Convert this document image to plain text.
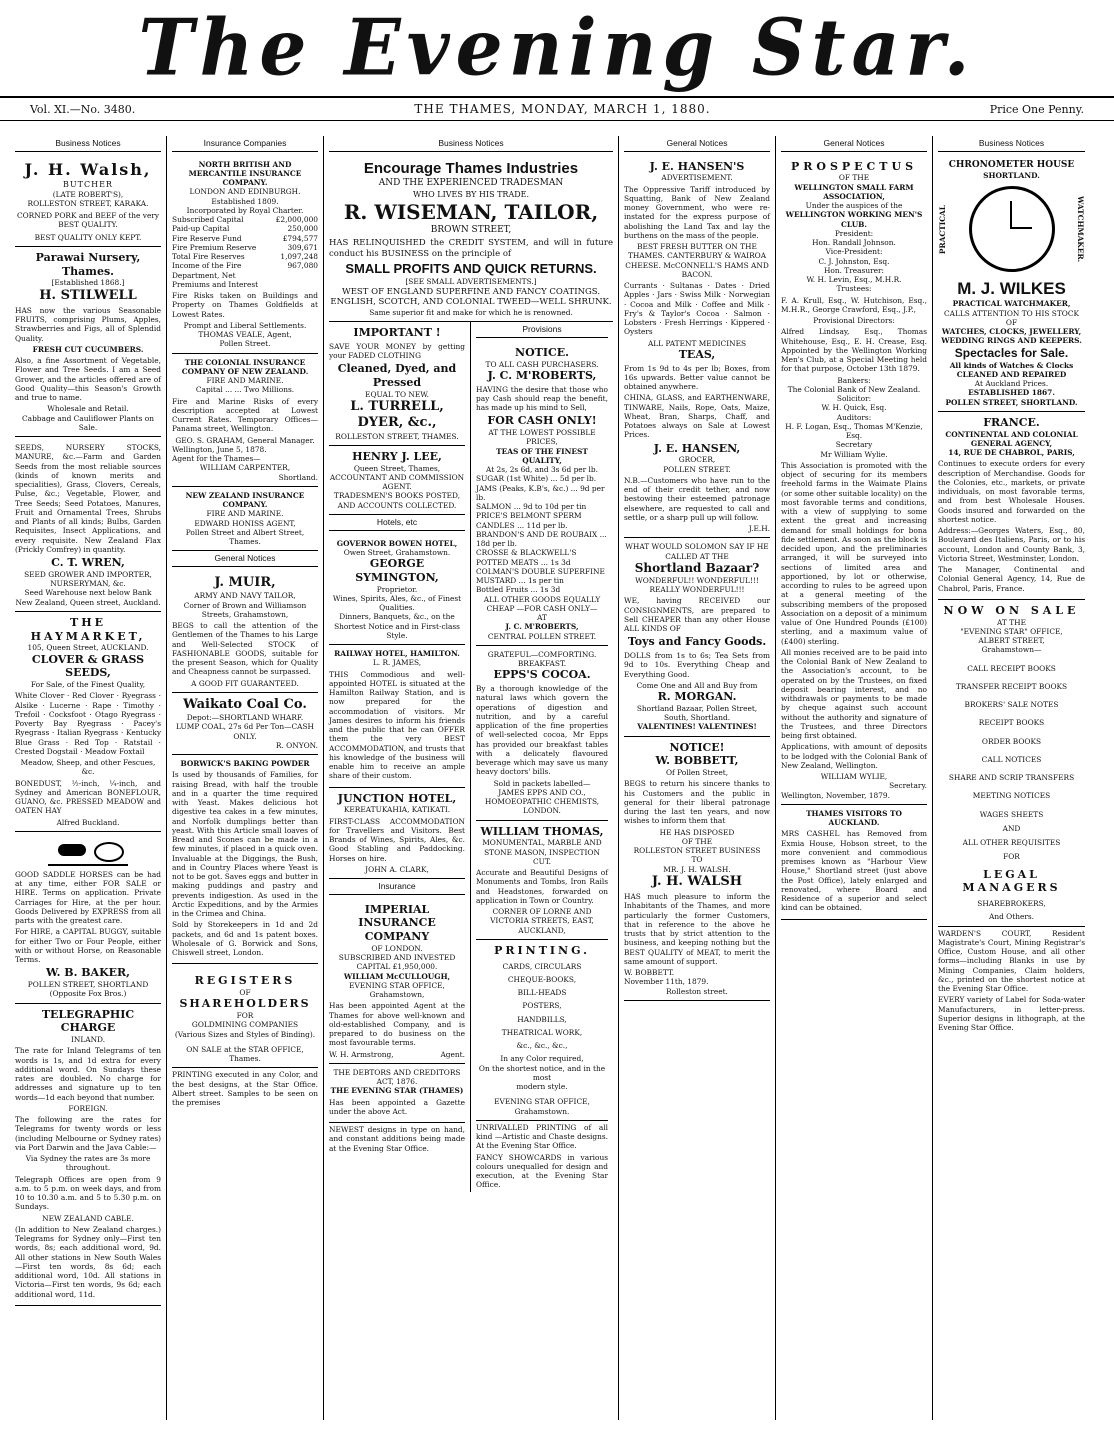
The Evening Star.
Vol. XI.—No. 3480.	THE THAMES, MONDAY, MARCH 1, 1880.	Price One Penny.
Business Notices
J. H. Walsh,
BUTCHER
(LATE ROBERT'S),
ROLLESTON STREET, KARAKA.
CORNED PORK and BEEF of the very BEST QUALITY.
BEST QUALITY ONLY KEPT.
Parawai Nursery, Thames.
[Established 1868.]
H. STILWELL
HAS now the various Seasonable FRUITS, comprising Plums, Apples, Strawberries and Figs, all of Splendid Quality.
FRESH CUT CUCUMBERS.
Also, a fine Assortment of Vegetable, Flower and Tree Seeds. I am a Seed Grower, and the articles offered are of Good Quality—this Season's Growth and true to name.
Wholesale and Retail.
Cabbage and Cauliflower Plants on Sale.
SEEDS, NURSERY STOCKS, MANURE, &c.—Farm and Garden Seeds from the most reliable sources (kinds of known merits and specialities), Grass, Clovers, Cereals, Pulse, &c.; Vegetable, Flower, and Tree Seeds; Seed Potatoes, Manures, Fruit and Ornamental Trees, Shrubs and Plants of all kinds; Bulbs, Garden Requisites, Insect Applications, and every requisite. New Zealand Flax (Prickly Comfrey) in quantity.
C. T. WREN,
SEED GROWER AND IMPORTER, NURSERYMAN, &c.
Seed Warehouse next below Bank New Zealand, Queen street, Auckland.
THE HAYMARKET,
105, Queen Street, AUCKLAND.
CLOVER & GRASS SEEDS,
For Sale, of the Finest Quality,
White Clover · Red Clover · Ryegrass · Alsike · Lucerne · Rape · Timothy · Trefoil · Cocksfoot · Otago Ryegrass · Poverty Bay Ryegrass · Pacey's Ryegrass · Italian Ryegrass · Kentucky Blue Grass · Red Top · Ratstail · Crested Dogstail · Meadow Foxtail
Meadow, Sheep, and other Fescues, &c.
BONEDUST, ½-inch, ¼-inch, and Sydney and American BONEFLOUR, GUANO, &c. PRESSED MEADOW and OATEN HAY
Alfred Buckland.
GOOD SADDLE HORSES can be had at any time, either FOR SALE or HIRE. Terms on application. Private Carriages for Hire, at the per hour. Goods Delivered by EXPRESS from all parts with the greatest care.
For HIRE, a CAPITAL BUGGY, suitable for either Two or Four People, either with or without Horse, on Reasonable Terms.
W. B. BAKER,
POLLEN STREET, SHORTLAND (Opposite Fox Bros.)
TELEGRAPHIC CHARGE
INLAND.
The rate for Inland Telegrams of ten words is 1s, and 1d extra for every additional word. On Sundays these rates are doubled. No charge for addresses and signature up to ten words—1d each beyond that number.
FOREIGN.
The following are the rates for Telegrams for twenty words or less (including Melbourne or Sydney rates) via Port Darwin and the Java Cable:—
Via Sydney the rates are 3s more throughout.
Telegraph Offices are open from 9 a.m. to 5 p.m. on week days, and from 10 to 10.30 a.m. and 5 to 5.30 p.m. on Sundays.
NEW ZEALAND CABLE.
(In addition to New Zealand charges.) Telegrams for Sydney only—First ten words, 8s; each additional word, 9d. All other stations in New South Wales—First ten words, 8s 6d; each additional word, 10d. All stations in Victoria—First ten words, 9s 6d; each additional word, 11d.
Insurance Companies
NORTH BRITISH AND MERCANTILE INSURANCE COMPANY.
LONDON AND EDINBURGH.
Established 1809.
Incorporated by Royal Charter.
Subscribed Capital	£2,000,000
Paid-up Capital	250,000
Fire Reserve Fund	£794,577
Fire Premium Reserve	309,671
Total Fire Reserves	1,097,248
Income of the Fire Department, Net Premiums and Interest
967,080
Fire Risks taken on Buildings and Property on Thames Goldfields at Lowest Rates.
Prompt and Liberal Settlements.
THOMAS VEALE, Agent,
Pollen Street.
THE COLONIAL INSURANCE COMPANY OF NEW ZEALAND.
FIRE AND MARINE.
Capital ... ... Two Millions.
Fire and Marine Risks of every description accepted at Lowest Current Rates. Temporary Offices—Panama street, Wellington.
GEO. S. GRAHAM, General Manager.
Wellington, June 5, 1878.
Agent for the Thames—
WILLIAM CARPENTER,
Shortland.
NEW ZEALAND INSURANCE COMPANY.
FIRE AND MARINE.
EDWARD HONISS AGENT,
Pollen Street and Albert Street, Thames.
General Notices
J. MUIR,
ARMY AND NAVY TAILOR,
Corner of Brown and Williamson Streets, Grahamstown,
BEGS to call the attention of the Gentlemen of the Thames to his Large and Well-Selected STOCK of FASHIONABLE GOODS, suitable for the present Season, which for Quality and Cheapness cannot be surpassed.
A GOOD FIT GUARANTEED.
Waikato Coal Co.
Depot:—SHORTLAND WHARF.
LUMP COAL, 27s 6d Per Ton—CASH ONLY.
R. ONYON.
BORWICK'S BAKING POWDER
Is used by thousands of Families, for raising Bread, with half the trouble and in a quarter the time required with Yeast. Makes delicious hot digestive tea cakes in a few minutes, and Norfolk dumplings better than yeast. With this Article small loaves of Bread and Scones can be made in a few minutes, if placed in a quick oven. Invaluable at the Diggings, the Bush, and in Country Places where Yeast is not to be got. Saves eggs and butter in making puddings and pastry and prevents indigestion. As used in the Arctic Expeditions, and by the Armies in the Crimea and China.
Sold by Storekeepers in 1d and 2d packets, and 6d and 1s patent boxes. Wholesale of G. Borwick and Sons, Chiswell street, London.
REGISTERS
OF
SHAREHOLDERS
FOR
GOLDMINING COMPANIES
(Various Sizes and Styles of Binding).
ON SALE at the STAR OFFICE, Thames.
PRINTING executed in any Color, and the best designs, at the Star Office. Albert street. Samples to be seen on the premises
Business Notices
Encourage Thames Industries
AND THE EXPERIENCED TRADESMAN
WHO LIVES BY HIS TRADE.
R. WISEMAN, TAILOR,
BROWN STREET,
HAS RELINQUISHED the CREDIT SYSTEM, and will in future conduct his BUSINESS on the principle of
SMALL PROFITS AND QUICK RETURNS.
[SEE SMALL ADVERTISEMENTS.]
WEST OF ENGLAND SUPERFINE AND FANCY COATINGS.
ENGLISH, SCOTCH, AND COLONIAL TWEED—WELL SHRUNK.
Same superior fit and make for which he is renowned.
IMPORTANT !
SAVE YOUR MONEY by getting your FADED CLOTHING
Cleaned, Dyed, and Pressed
EQUAL TO NEW.
L. TURRELL,
DYER, &c.,
ROLLESTON STREET, THAMES.
HENRY J. LEE,
Queen Street, Thames,
ACCOUNTANT AND COMMISSION AGENT.
TRADESMEN'S BOOKS POSTED, AND ACCOUNTS COLLECTED.
Hotels, etc
GOVERNOR BOWEN HOTEL,
Owen Street, Grahamstown.
GEORGE SYMINGTON,
Proprietor.
Wines, Spirits, Ales, &c., of Finest Qualities.
Dinners, Banquets, &c., on the Shortest Notice and in First-class Style.
RAILWAY HOTEL, HAMILTON.
L. R. JAMES,
THIS Commodious and well-appointed HOTEL is situated at the Hamilton Railway Station, and is now prepared for the accommodation of visitors. Mr James desires to inform his friends and the public that he can OFFER them the very BEST ACCOMMODATION, and trusts that his knowledge of the business will enable him to receive an ample share of their custom.
JUNCTION HOTEL,
KEREATUKAHIA, KATIKATI.
FIRST-CLASS ACCOMMODATION for Travellers and Visitors. Best Brands of Wines, Spirits, Ales, &c. Good Stabling and Paddocking. Horses on hire.
JOHN A. CLARK,
Insurance
IMPERIAL
INSURANCE COMPANY
OF LONDON.
SUBSCRIBED AND INVESTED
CAPITAL £1,950,000.
WILLIAM McCULLOUGH,
EVENING STAR OFFICE,
Grahamstown,
Has been appointed Agent at the Thames for above well-known and old-established Company, and is prepared to do business on the most favourable terms.
W. H. Armstrong,	Agent.
THE DEBTORS AND CREDITORS
ACT, 1876.
THE EVENING STAR (THAMES)
Has been appointed a Gazette under the above Act.
NEWEST designs in type on hand, and constant additions being made at the Evening Star Office.
Provisions
NOTICE.
TO ALL CASH PURCHASERS.
J. C. M'ROBERTS,
HAVING the desire that those who pay Cash should reap the benefit, has made up his mind to Sell,
FOR CASH ONLY!
AT THE LOWEST POSSIBLE PRICES,
TEAS OF THE FINEST QUALITY,
At 2s, 2s 6d, and 3s 6d per lb.
SUGAR (1st White) ... 5d per lb.
JAMS (Peaks, K.B's, &c.) ... 9d per lb.
SALMON ... 9d to 10d per tin
PRICE'S BELMONT SPERM CANDLES ... 11d per lb.
BRANDON'S AND DE ROUBAIX ... 18d per lb.
CROSSE & BLACKWELL'S POTTED MEATS ... 1s 3d
COLMAN'S DOUBLE SUPERFINE MUSTARD ... 1s per tin
Bottled Fruits ... 1s 3d
ALL OTHER GOODS EQUALLY CHEAP —FOR CASH ONLY—
AT
J. C. M'ROBERTS,
CENTRAL POLLEN STREET.
GRATEFUL—COMFORTING.
BREAKFAST.
EPPS'S COCOA.
By a thorough knowledge of the natural laws which govern the operations of digestion and nutrition, and by a careful application of the fine properties of well-selected cocoa, Mr Epps has provided our breakfast tables with a delicately flavoured beverage which may save us many heavy doctors' bills.
Sold in packets labelled—
JAMES EPPS AND CO., HOMOEOPATHIC CHEMISTS,
LONDON.
WILLIAM THOMAS,
MONUMENTAL, MARBLE AND STONE MASON, INSPECTION CUT.
Accurate and Beautiful Designs of Monuments and Tombs, Iron Rails and Headstones, forwarded on application in Town or Country.
CORNER OF LORNE AND VICTORIA STREETS, EAST, AUCKLAND,
PRINTING.
CARDS, CIRCULARS
CHEQUE-BOOKS,
BILL-HEADS
POSTERS,
HANDBILLS,
THEATRICAL WORK,
&c., &c., &c.,
In any Color required,
On the shortest notice, and in the most
modern style.
EVENING STAR OFFICE,
Grahamstown.
UNRIVALLED PRINTING of all kind —Artistic and Chaste designs. At the Evening Star Office.
FANCY SHOWCARDS in various colours unequalled for design and execution, at the Evening Star Office.
General Notices
J. E. HANSEN'S
ADVERTISEMENT.
The Oppressive Tariff introduced by Squatting, Bank of New Zealand money Government, who were re-instated for the express purpose of abolishing the Land Tax and lay the burthens on the mass of the people.
BEST FRESH BUTTER ON THE THAMES. CANTERBURY & WAIROA CHEESE. McCONNELL'S HAMS AND BACON.
Currants · Sultanas · Dates · Dried Apples · Jars · Swiss Milk · Norwegian · Cocoa and Milk · Coffee and Milk · Fry's & Taylor's Cocoa · Salmon · Lobsters · Fresh Herrings · Kippered · Oysters
ALL PATENT MEDICINES
TEAS,
From 1s 9d to 4s per lb; Boxes, from 16s upwards. Better value cannot be obtained anywhere.
CHINA, GLASS, and EARTHENWARE, TINWARE, Nails, Rope, Oats, Maize, Wheat, Bran, Sharps, Chaff, and Potatoes always on Sale at Lowest Prices.
J. E. HANSEN,
GROCER,
POLLEN STREET.
N.B.—Customers who have run to the end of their credit tether, and now bestowing their esteemed patronage elsewhere, are requested to call and settle, or a sharp pull up will follow.
J.E.H.
WHAT WOULD SOLOMON SAY IF HE CALLED AT THE
Shortland Bazaar?
WONDERFUL!! WONDERFUL!!! REALLY WONDERFUL!!!
WE, having RECEIVED our CONSIGNMENTS, are prepared to Sell CHEAPER than any other House ALL KINDS OF
Toys and Fancy Goods.
DOLLS from 1s to 6s; Tea Sets from 9d to 10s. Everything Cheap and Everything Good.
Come One and All and Buy from
R. MORGAN.
Shortland Bazaar, Pollen Street, South, Shortland.
VALENTINES! VALENTINES!
NOTICE!
W. BOBBETT,
Of Pollen Street,
BEGS to return his sincere thanks to his Customers and the public in general for their liberal patronage during the last ten years, and now wishes to inform them that
HE HAS DISPOSED
OF THE
ROLLESTON STREET BUSINESS
TO
MR. J. H. WALSH.
J. H. WALSH
HAS much pleasure to inform the Inhabitants of the Thames, and more particularly the former Customers, that in reference to the above he trusts that by strict attention to the business, and keeping nothing but the BEST QUALITY of MEAT, to merit the same amount of support.
W. BOBBETT.
November 11th, 1879.
Rolleston street.
General Notices
PROSPECTUS
OF THE
WELLINGTON SMALL FARM ASSOCIATION,
Under the auspices of the
WELLINGTON WORKING MEN'S CLUB.
President:
Hon. Randall Johnson.
Vice-President:
C. J. Johnston, Esq.
Hon. Treasurer:
W. H. Levin, Esq., M.H.R.
Trustees:
F. A. Krull, Esq., W. Hutchison, Esq., M.H.R., George Crawford, Esq., J.P.,
Provisional Directors:
Alfred Lindsay, Esq., Thomas Whitehouse, Esq., E. H. Crease, Esq. Appointed by the Wellington Working Men's Club, at a Special Meeting held for that purpose, October 13th 1879.
Bankers:
The Colonial Bank of New Zealand.
Solicitor:
W. H. Quick, Esq.
Auditors:
H. F. Logan, Esq., Thomas M'Kenzie, Esq.
Secretary
Mr William Wylie.
This Association is promoted with the object of securing for its members freehold farms in the Waimate Plains (or some other suitable locality) on the most favorable terms and conditions, with a view of supplying to some extent the great and increasing demand for small holdings for bona fide settlement. As soon as the block is decided upon, and the preliminaries arranged, it will be surveyed into sections of limited area and apportioned, by lot or otherwise, according to rules to be agreed upon at a general meeting of the subscribing members of the proposed Association on a deposit of a minimum value of One Hundred Pounds (£100) sterling, and a maximum value of (£400) sterling.
All monies received are to be paid into the Colonial Bank of New Zealand to the Association's account, to be operated on by the Trustees, on fixed deposit bearing interest, and no withdrawals or payments to be made by cheque against such account without the authority and signature of the Trustees, and three Directors being first obtained.
Applications, with amount of deposits to be lodged with the Colonial Bank of New Zealand, Wellington.
WILLIAM WYLIE,
Secretary.
Wellington, November, 1879.
THAMES VISITORS TO AUCKLAND.
MRS CASHEL has Removed from Exmia House, Hobson street, to the more convenient and commodious premises known as "Harbour View House," Shortland street (just above the Post Office), lately enlarged and renovated, where Board and Residence of a superior and select kind can be obtained.
Business Notices
CHRONOMETER HOUSE
SHORTLAND.
PRACTICAL	WATCHMAKER.
M. J. WILKES
PRACTICAL WATCHMAKER,
CALLS ATTENTION TO HIS STOCK OF
WATCHES, CLOCKS, JEWELLERY, WEDDING RINGS AND KEEPERS.
Spectacles for Sale.
All kinds of Watches & Clocks
CLEANED AND REPAIRED
At Auckland Prices.
ESTABLISHED 1867.
POLLEN STREET, SHORTLAND.
FRANCE.
CONTINENTAL AND COLONIAL GENERAL AGENCY,
14, RUE DE CHABROL, PARIS,
Continues to execute orders for every description of Merchandise. Goods for the Colonies, etc., markets, or private individuals, on most favorable terms, and from best Wholesale Houses. Goods insured and forwarded on the shortest notice.
Address:—Georges Waters, Esq., 80, Boulevard des Italiens, Paris, or to his account, London and County Bank, 3, Victoria Street, Westminster, London.
The Manager, Continental and Colonial General Agency, 14, Rue de Chabrol, Paris, France.
NOW ON SALE
AT THE
"EVENING STAR" OFFICE,
ALBERT STREET,
Grahamstown—
CALL RECEIPT BOOKS
TRANSFER RECEIPT BOOKS
BROKERS' SALE NOTES
RECEIPT BOOKS
ORDER BOOKS
CALL NOTICES
SHARE AND SCRIP TRANSFERS
MEETING NOTICES
WAGES SHEETS
AND
ALL OTHER REQUISITES
FOR
LEGAL MANAGERS
SHAREBROKERS,
And Others.
WARDEN'S COURT, Resident Magistrate's Court, Mining Registrar's Office, Custom House, and all other forms—including Blanks in use by Mining Companies, Claim holders, &c., printed on the shortest notice at the Evening Star Office.
EVERY variety of Label for Soda-water Manufacturers, in letter-press. Superior designs in lithograph, at the Evening Star Office.
